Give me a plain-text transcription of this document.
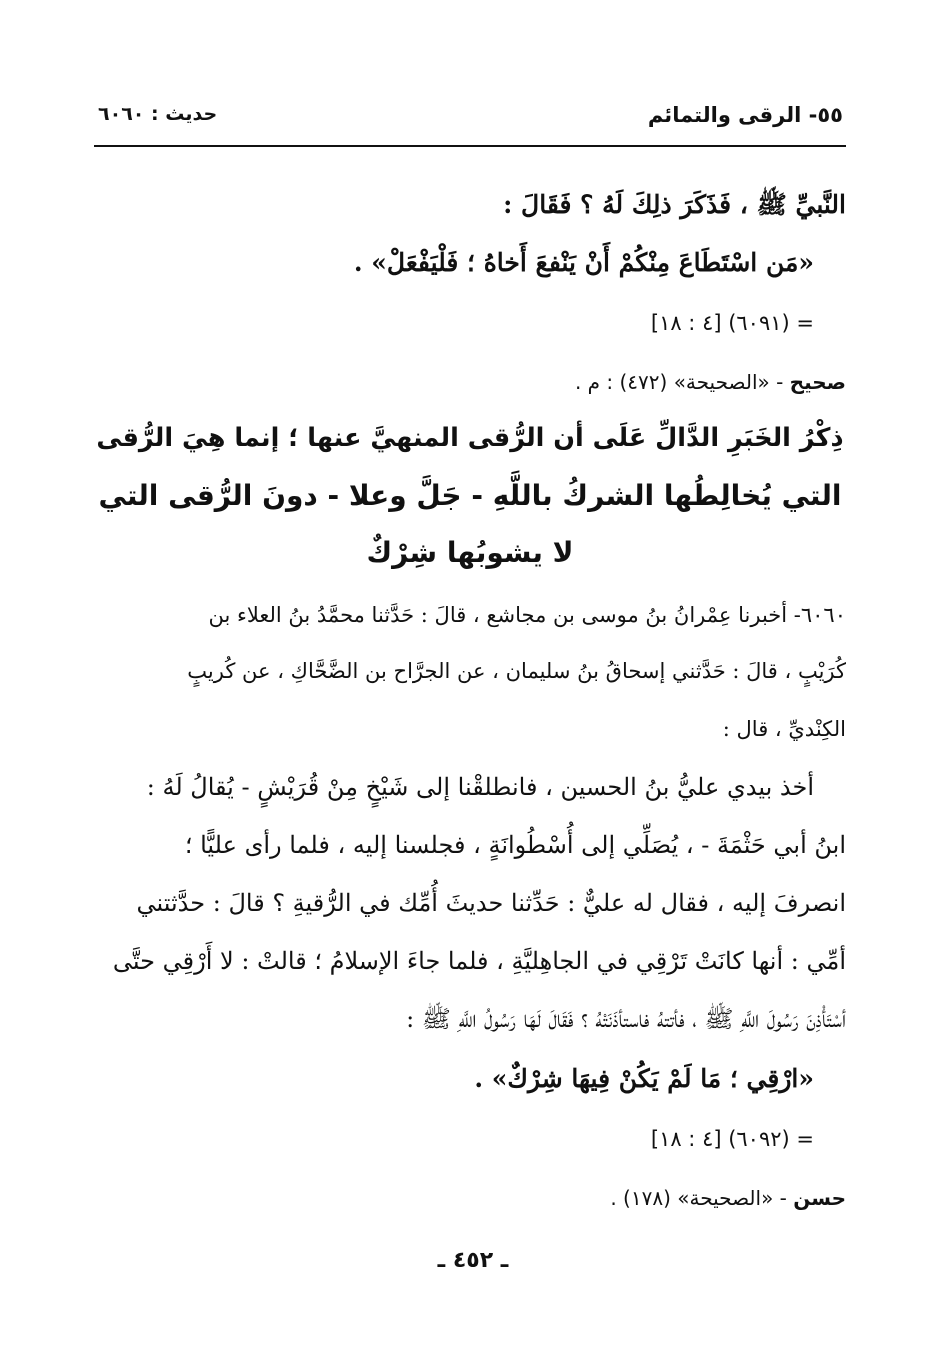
٥٥- الرقى والتمائم
حديث : ٦٠٦٠
النَّبيِّ ﷺ ، فَذَكَرَ ذلِكَ لَهُ ؟ فَقَالَ :
«مَن اسْتَطَاعَ مِنْكُمْ أَنْ يَنْفعَ أَخاهُ ؛ فَلْيَفْعَلْ» .
= (٦٠٩١) [٤ : ١٨]
صحيح - «الصحيحة» (٤٧٢) : م .
ذِكْرُ الخَبَرِ الدَّالِّ عَلَى أن الرُّقى المنهيَّ عنها ؛ إنما هِيَ الرُّقى
التي يُخالِطُها الشركُ باللَّهِ - جَلَّ وعلا - دونَ الرُّقى التي
لا يشوبُها شِرْكٌ
٦٠٦٠- أخبرنا عِمْرانُ بنُ موسى بن مجاشع ، قالَ : حَدَّثنا محمَّدُ بنُ العلاء بن
كُرَيْبٍ ، قالَ : حَدَّثني إسحاقُ بنُ سليمان ، عن الجرَّاح بن الضَّحَّاكِ ، عن كُريبٍ
الكِنْديِّ ، قال :
أخذ بيدي عليُّ بنُ الحسين ، فانطلقْنا إلى شَيْخٍ مِنْ قُرَيْشٍ - يُقالُ لَهُ :
ابنُ أبي حَثْمَةَ - ، يُصَلِّي إلى أُسْطُوانَةٍ ، فجلسنا إليه ، فلما رأى عليًّا ؛
انصرفَ إليه ، فقال له عليٌّ : حَدِّثنا حديثَ أُمِّك في الرُّقيةِ ؟ قالَ : حدَّثتني
أمِّي : أنها كانَتْ تَرْقِي في الجاهِليَّةِ ، فلما جاءَ الإسلامُ ؛ قالتْ : لا أَرْقِي حتَّى
أسْتَأْذِنَ رَسُولَ اللَّهِ ﷺ ، فأتتهُ فاستأذَنَتْهُ ؟ فَقَالَ لَهَا رَسُولُ اللَّهِ ﷺ :
«ارْقِي ؛ مَا لَمْ يَكُنْ فِيهَا شِرْكٌ» .
= (٦٠٩٢) [٤ : ١٨]
حسن - «الصحيحة» (١٧٨) .
ـ ٤٥٢ ـ
